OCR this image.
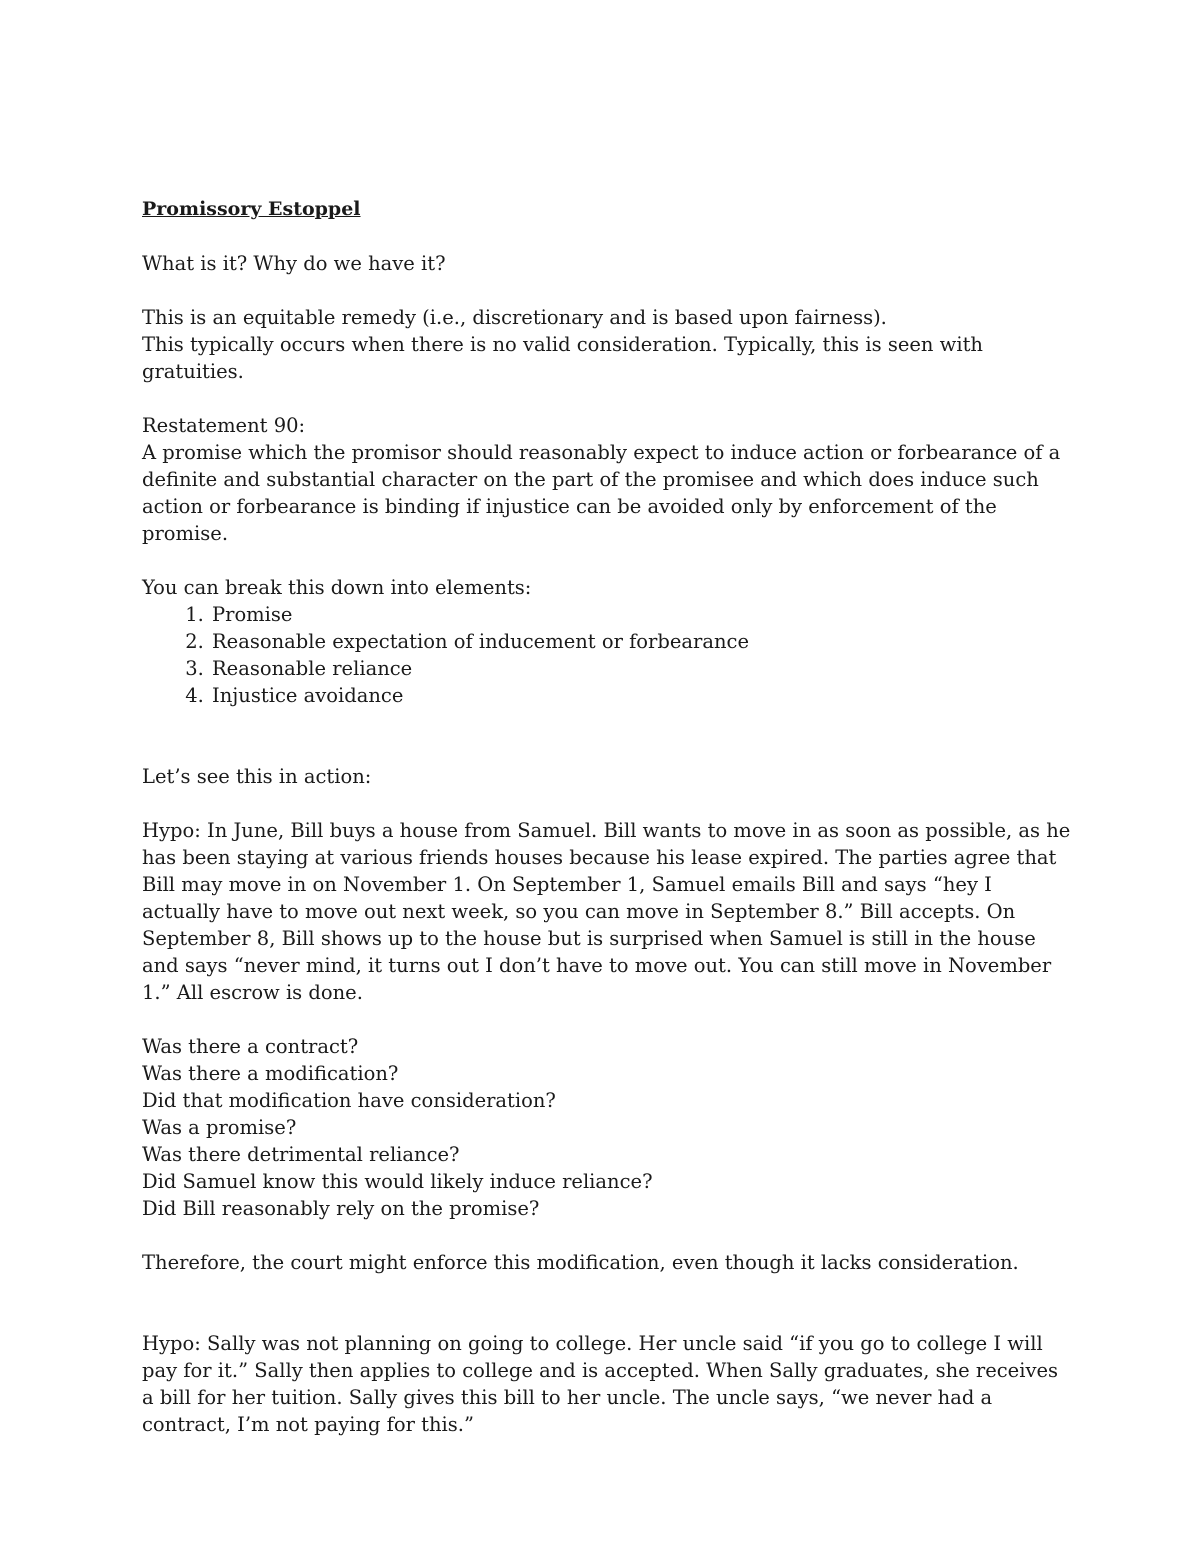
Promissory Estoppel

What is it? Why do we have it?

This is an equitable remedy (i.e., discretionary and is based upon fairness).

This typically occurs when there is no valid consideration. Typically, this is seen with gratuities.

Restatement 90:

A promise which the promisor should reasonably expect to induce action or forbearance of a definite and substantial character on the part of the promisee and which does induce such action or forbearance is binding if injustice can be avoided only by enforcement of the promise.

You can break this down into elements:

1. Promise
2. Reasonable expectation of inducement or forbearance
3. Reasonable reliance
4. Injustice avoidance

Let’s see this in action:

Hypo: In June, Bill buys a house from Samuel. Bill wants to move in as soon as possible, as he has been staying at various friends houses because his lease expired. The parties agree that Bill may move in on November 1. On September 1, Samuel emails Bill and says “hey I actually have to move out next week, so you can move in September 8.” Bill accepts. On September 8, Bill shows up to the house but is surprised when Samuel is still in the house and says “never mind, it turns out I don’t have to move out. You can still move in November 1.” All escrow is done.

Was there a contract?

Was there a modification?

Did that modification have consideration?

Was a promise?

Was there detrimental reliance?

Did Samuel know this would likely induce reliance?

Did Bill reasonably rely on the promise?

Therefore, the court might enforce this modification, even though it lacks consideration.

Hypo: Sally was not planning on going to college. Her uncle said “if you go to college I will pay for it.” Sally then applies to college and is accepted. When Sally graduates, she receives a bill for her tuition. Sally gives this bill to her uncle. The uncle says, “we never had a contract, I’m not paying for this.”
